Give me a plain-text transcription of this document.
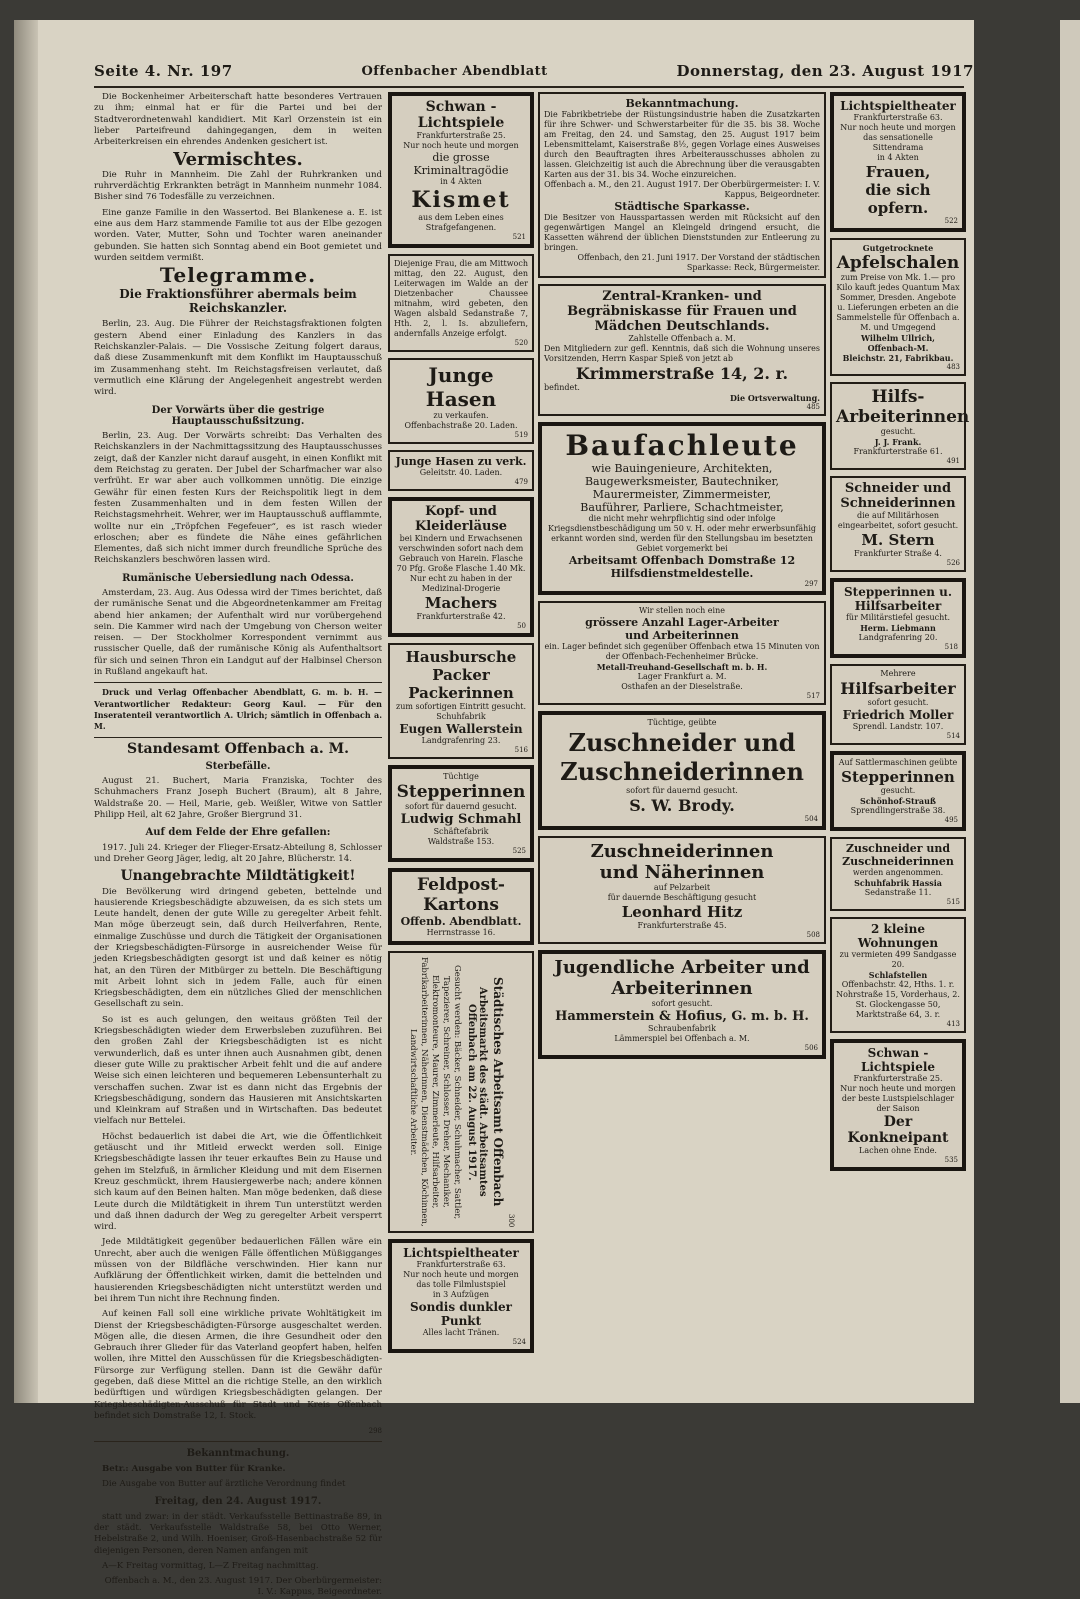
Seite 4. Nr. 197	Offenbacher Abendblatt	Donnerstag, den 23. August 1917

Die Bockenheimer Arbeiterschaft hatte besonderes Vertrauen zu ihm; einmal hat er für die Partei und bei der Stadtverordnetenwahl kandidiert. Mit Karl Orzenstein ist ein lieber Parteifreund dahingegangen, dem in weiten Arbeiterkreisen ein ehrendes Andenken gesichert ist.

Vermischtes.

Die Ruhr in Mannheim. Die Zahl der Ruhrkranken und ruhrverdächtig Erkrankten beträgt in Mannheim nunmehr 1084. Bisher sind 76 Todesfälle zu verzeichnen.

Eine ganze Familie in den Wassertod. Bei Blankenese a. E. ist eine aus dem Harz stammende Familie tot aus der Elbe gezogen worden. Vater, Mutter, Sohn und Tochter waren aneinander gebunden. Sie hatten sich Sonntag abend ein Boot gemietet und wurden seitdem vermißt.

Telegramme.
Die Fraktionsführer abermals beim Reichskanzler.

Berlin, 23. Aug. Die Führer der Reichstagsfraktionen folgten gestern Abend einer Einladung des Kanzlers in das Reichskanzler-Palais. — Die Vossische Zeitung folgert daraus, daß diese Zusammenkunft mit dem Konflikt im Hauptausschuß im Zusammenhang steht. Im Reichstagsfreisen verlautet, daß vermutlich eine Klärung der Angelegenheit angestrebt werden wird.

Der Vorwärts über die gestrige Hauptausschußsitzung.

Berlin, 23. Aug. Der Vorwärts schreibt: Das Verhalten des Reichskanzlers in der Nachmittagssitzung des Hauptausschusses zeigt, daß der Kanzler nicht darauf ausgeht, in einen Konflikt mit dem Reichstag zu geraten. Der Jubel der Scharfmacher war also verfrüht. Er war aber auch vollkommen unnötig. Die einzige Gewähr für einen festen Kurs der Reichspolitik liegt in dem festen Zusammenhalten und in dem festen Willen der Reichstagsmehrheit. Wehrer, wer im Hauptausschuß aufflammte, wollte nur ein „Tröpfchen Fegefeuer“, es ist rasch wieder erloschen; aber es fündete die Nähe eines gefährlichen Elementes, daß sich nicht immer durch freundliche Sprüche des Reichskanzlers beschwören lassen wird.

Rumänische Uebersiedlung nach Odessa.

Amsterdam, 23. Aug. Aus Odessa wird der Times berichtet, daß der rumänische Senat und die Abgeordnetenkammer am Freitag abend hier ankamen; der Aufenthalt wird nur vorübergehend sein. Die Kammer wird nach der Umgebung von Cherson weiter reisen. — Der Stockholmer Korrespondent vernimmt aus russischer Quelle, daß der rumänische König als Aufenthaltsort für sich und seinen Thron ein Landgut auf der Halbinsel Cherson in Rußland angekauft hat.

Druck und Verlag Offenbacher Abendblatt, G. m. b. H. — Verantwortlicher Redakteur: Georg Kaul. — Für den Inseratenteil verantwortlich A. Ulrich; sämtlich in Offenbach a. M.

Standesamt Offenbach a. M.
Sterbefälle.

August 21. Buchert, Maria Franziska, Tochter des Schuhmachers Franz Joseph Buchert (Braum), alt 8 Jahre, Waldstraße 20. — Heil, Marie, geb. Weißler, Witwe von Sattler Philipp Heil, alt 62 Jahre, Großer Biergrund 31.

Auf dem Felde der Ehre gefallen:

1917. Juli 24. Krieger der Flieger-Ersatz-Abteilung 8, Schlosser und Dreher Georg Jäger, ledig, alt 20 Jahre, Blücherstr. 14.

Unangebrachte Mildtätigkeit!

Die Bevölkerung wird dringend gebeten, bettelnde und hausierende Kriegsbeschädigte abzuweisen, da es sich stets um Leute handelt, denen der gute Wille zu geregelter Arbeit fehlt. Man möge überzeugt sein, daß durch Heilverfahren, Rente, einmalige Zuschüsse und durch die Tätigkeit der Organisationen der Kriegsbeschädigten-Fürsorge in ausreichender Weise für jeden Kriegsbeschädigten gesorgt ist und daß keiner es nötig hat, an den Türen der Mitbürger zu betteln. Die Beschäftigung mit Arbeit lohnt sich in jedem Falle, auch für einen Kriegsbeschädigten, dem ein nützliches Glied der menschlichen Gesellschaft zu sein.

So ist es auch gelungen, den weitaus größten Teil der Kriegsbeschädigten wieder dem Erwerbsleben zuzuführen. Bei den großen Zahl der Kriegsbeschädigten ist es nicht verwunderlich, daß es unter ihnen auch Ausnahmen gibt, denen dieser gute Wille zu praktischer Arbeit fehlt und die auf andere Weise sich einen leichteren und bequemeren Lebensunterhalt zu verschaffen suchen. Zwar ist es dann nicht das Ergebnis der Kriegsbeschädigung, sondern das Hausieren mit Ansichtskarten und Kleinkram auf Straßen und in Wirtschaften. Das bedeutet vielfach nur Bettelei.

Höchst bedauerlich ist dabei die Art, wie die Öffentlichkeit getäuscht und ihr Mitleid erweckt werden soll. Einige Kriegsbeschädigte lassen ihr teuer erkauftes Bein zu Hause und gehen im Stelzfuß, in ärmlicher Kleidung und mit dem Eisernen Kreuz geschmückt, ihrem Hausiergewerbe nach; andere können sich kaum auf den Beinen halten. Man möge bedenken, daß diese Leute durch die Mildtätigkeit in ihrem Tun unterstützt werden und daß ihnen dadurch der Weg zu geregelter Arbeit versperrt wird.

Jede Mildtätigkeit gegenüber bedauerlichen Fällen wäre ein Unrecht, aber auch die wenigen Fälle öffentlichen Müßigganges müssen von der Bildfläche verschwinden. Hier kann nur Aufklärung der Öffentlichkeit wirken, damit die bettelnden und hausierenden Kriegsbeschädigten nicht unterstützt werden und bei ihrem Tun nicht ihre Rechnung finden.

Auf keinen Fall soll eine wirkliche private Wohltätigkeit im Dienst der Kriegsbeschädigten-Fürsorge ausgeschaltet werden. Mögen alle, die diesen Armen, die ihre Gesundheit oder den Gebrauch ihrer Glieder für das Vaterland geopfert haben, helfen wollen, ihre Mittel den Ausschüssen für die Kriegsbeschädigten-Fürsorge zur Verfügung stellen. Dann ist die Gewähr dafür gegeben, daß diese Mittel an die richtige Stelle, an den wirklich bedürftigen und würdigen Kriegsbeschädigten gelangen. Der Kriegsbeschädigten-Ausschuß für Stadt und Kreis Offenbach befindet sich Domstraße 12, I. Stock.

298
Bekanntmachung.

Betr.: Ausgabe von Butter für Kranke.

Die Ausgabe von Butter auf ärztliche Verordnung findet

Freitag, den 24. August 1917.

statt und zwar: in der städt. Verkaufsstelle Bettinastraße 89, in der städt. Verkaufsstelle Waldstraße 58, bei Otto Werner, Hebelstraße 2, und Wilh. Hoeniser, Groß-Hasenbachstraße 52 für diejenigen Personen, deren Namen anfangen mit

A—K Freitag vormittag, L—Z Freitag nachmittag.

Offenbach a. M., den 23. August 1917. Der Oberbürgermeister: I. V.: Kappus, Beigeordneter.

Schwan - Lichtspiele
Frankfurterstraße 25.
Nur noch heute und morgen
die grosse Kriminaltragödie
in 4 Akten
Kismet
aus dem Leben eines Strafgefangenen.
521
Diejenige Frau, die am Mittwoch mittag, den 22. August, den Leiterwagen im Walde an der Dietzenbacher Chaussee mitnahm, wird gebeten, den Wagen alsbald Sedanstraße 7, Hth. 2, l. Is. abzuliefern, andernfalls Anzeige erfolgt.
520
Junge Hasen
zu verkaufen.
Offenbachstraße 20. Laden.
519
Junge Hasen zu verk.
Geleitstr. 40. Laden.
479
Kopf- und Kleiderläuse
bei Kindern und Erwachsenen verschwinden sofort nach dem Gebrauch von Harein. Flasche 70 Pfg. Große Flasche 1.40 Mk. Nur echt zu haben in der Medizinal-Drogerie
Machers
Frankfurterstraße 42.
50
Hausbursche
Packer
Packerinnen
zum sofortigen Eintritt gesucht.
Schuhfabrik
Eugen Wallerstein
Landgrafenring 23.
516
Tüchtige
Stepperinnen
sofort für dauernd gesucht.
Ludwig Schmahl
Schäftefabrik
Waldstraße 153.
525
Feldpost-Kartons
Offenb. Abendblatt.
Herrnstrasse 16.
Gesucht werden: Bäcker, Schneider, Schuhmacher, Sattler, Tapezierer, Schreiner, Schlosser, Dreher, Mechaniker, Elektromonteure, Maurer, Zimmerleute, Hilfsarbeiter, Fabrikarbeiterinnen, Näherinnen, Dienstmädchen, Köchinnen, Landwirtschaftliche Arbeiter.	Arbeitsmarkt des städt. Arbeitsamtes Offenbach am 22. August 1917.	Städtisches Arbeitsamt Offenbach
300
Lichtspieltheater
Frankfurterstraße 63.
Nur noch heute und morgen
das tolle Filmlustspiel
in 3 Aufzügen
Sondis dunkler Punkt
Alles lacht Tränen.
524
Bekanntmachung.
Die Fabrikbetriebe der Rüstungsindustrie haben die Zusatzkarten für ihre Schwer- und Schwerstarbeiter für die 35. bis 38. Woche am Freitag, den 24. und Samstag, den 25. August 1917 beim Lebensmittelamt, Kaiserstraße 8½, gegen Vorlage eines Ausweises durch den Beauftragten ihres Arbeiterausschusses abholen zu lassen. Gleichzeitig ist auch die Abrechnung über die verausgabten Karten aus der 31. bis 34. Woche einzureichen.
Offenbach a. M., den 21. August 1917. Der Oberbürgermeister: I. V. Kappus, Beigeordneter.
Städtische Sparkasse.
Die Besitzer von Hausspartassen werden mit Rücksicht auf den gegenwärtigen Mangel an Kleingeld dringend ersucht, die Kassetten während der üblichen Dienststunden zur Entleerung zu bringen.
Offenbach, den 21. Juni 1917. Der Vorstand der städtischen Sparkasse: Reck, Bürgermeister.
Zentral-Kranken- und Begräbniskasse für Frauen und Mädchen Deutschlands.
Zahlstelle Offenbach a. M.
Den Mitgliedern zur gefl. Kenntnis, daß sich die Wohnung unseres Vorsitzenden, Herrn Kaspar Spieß von jetzt ab
Krimmerstraße 14, 2. r.
befindet.
Die Ortsverwaltung.
485
Baufachleute
wie Bauingenieure, Architekten,
Baugewerksmeister, Bautechniker,
Maurermeister, Zimmermeister,
Bauführer, Parliere, Schachtmeister,
die nicht mehr wehrpflichtig sind oder infolge Kriegsdienstbeschädigung um 50 v. H. oder mehr erwerbsunfähig erkannt worden sind, werden für den Stellungsbau im besetzten Gebiet vorgemerkt bei
Arbeitsamt Offenbach Domstraße 12
Hilfsdienstmeldestelle.
297
Wir stellen noch eine
grössere Anzahl Lager-Arbeiter
und Arbeiterinnen
ein. Lager befindet sich gegenüber Offenbach etwa 15 Minuten von der Offenbach-Fechenheimer Brücke.
Metall-Treuhand-Gesellschaft m. b. H.
Lager Frankfurt a. M.
Osthafen an der Dieselstraße.
517
Tüchtige, geübte
Zuschneider und
Zuschneiderinnen
sofort für dauernd gesucht.
S. W. Brody.
504
Zuschneiderinnen
und Näherinnen
auf Pelzarbeit
für dauernde Beschäftigung gesucht
Leonhard Hitz
Frankfurterstraße 45.
508
Jugendliche Arbeiter und
Arbeiterinnen
sofort gesucht.
Hammerstein & Hofius, G. m. b. H.
Schraubenfabrik
Lämmerspiel bei Offenbach a. M.
506
Lichtspieltheater
Frankfurterstraße 63.
Nur noch heute und morgen
das sensationelle Sittendrama
in 4 Akten
Frauen,
die sich opfern.
522
Gutgetrocknete
Apfelschalen
zum Preise von Mk. 1.— pro Kilo kauft jedes Quantum Max Sommer, Dresden. Angebote u. Lieferungen erbeten an die Sammelstelle für Offenbach a. M. und Umgegend
Wilhelm Ullrich, Offenbach-M.
Bleichstr. 21, Fabrikbau.
483
Hilfs-
Arbeiterinnen
gesucht.
J. J. Frank.
Frankfurterstraße 61.
491
Schneider und
Schneiderinnen
die auf Militärhosen eingearbeitet, sofort gesucht.
M. Stern
Frankfurter Straße 4.
526
Stepperinnen u.
Hilfsarbeiter
für Militärstiefel gesucht.
Herm. Liebmann
Landgrafenring 20.
518
Mehrere
Hilfsarbeiter
sofort gesucht.
Friedrich Moller
Sprendl. Landstr. 107.
514
Auf Sattlermaschinen geübte
Stepperinnen
gesucht.
Schönhof-Strauß
Sprendlingerstraße 38.
495
Zuschneider und
Zuschneiderinnen
werden angenommen.
Schuhfabrik Hassia
Sedanstraße 11.
515
2 kleine Wohnungen
zu vermieten 499 Sandgasse 20.
Schlafstellen
Offenbachstr. 42, Hths. 1. r. Nohrstraße 15, Vorderhaus, 2. St. Glockengasse 50, Marktstraße 64, 3. r.
413
Schwan - Lichtspiele
Frankfurterstraße 25.
Nur noch heute und morgen
der beste Lustspielschlager der Saison
Der Konkneipant
Lachen ohne Ende.
535
